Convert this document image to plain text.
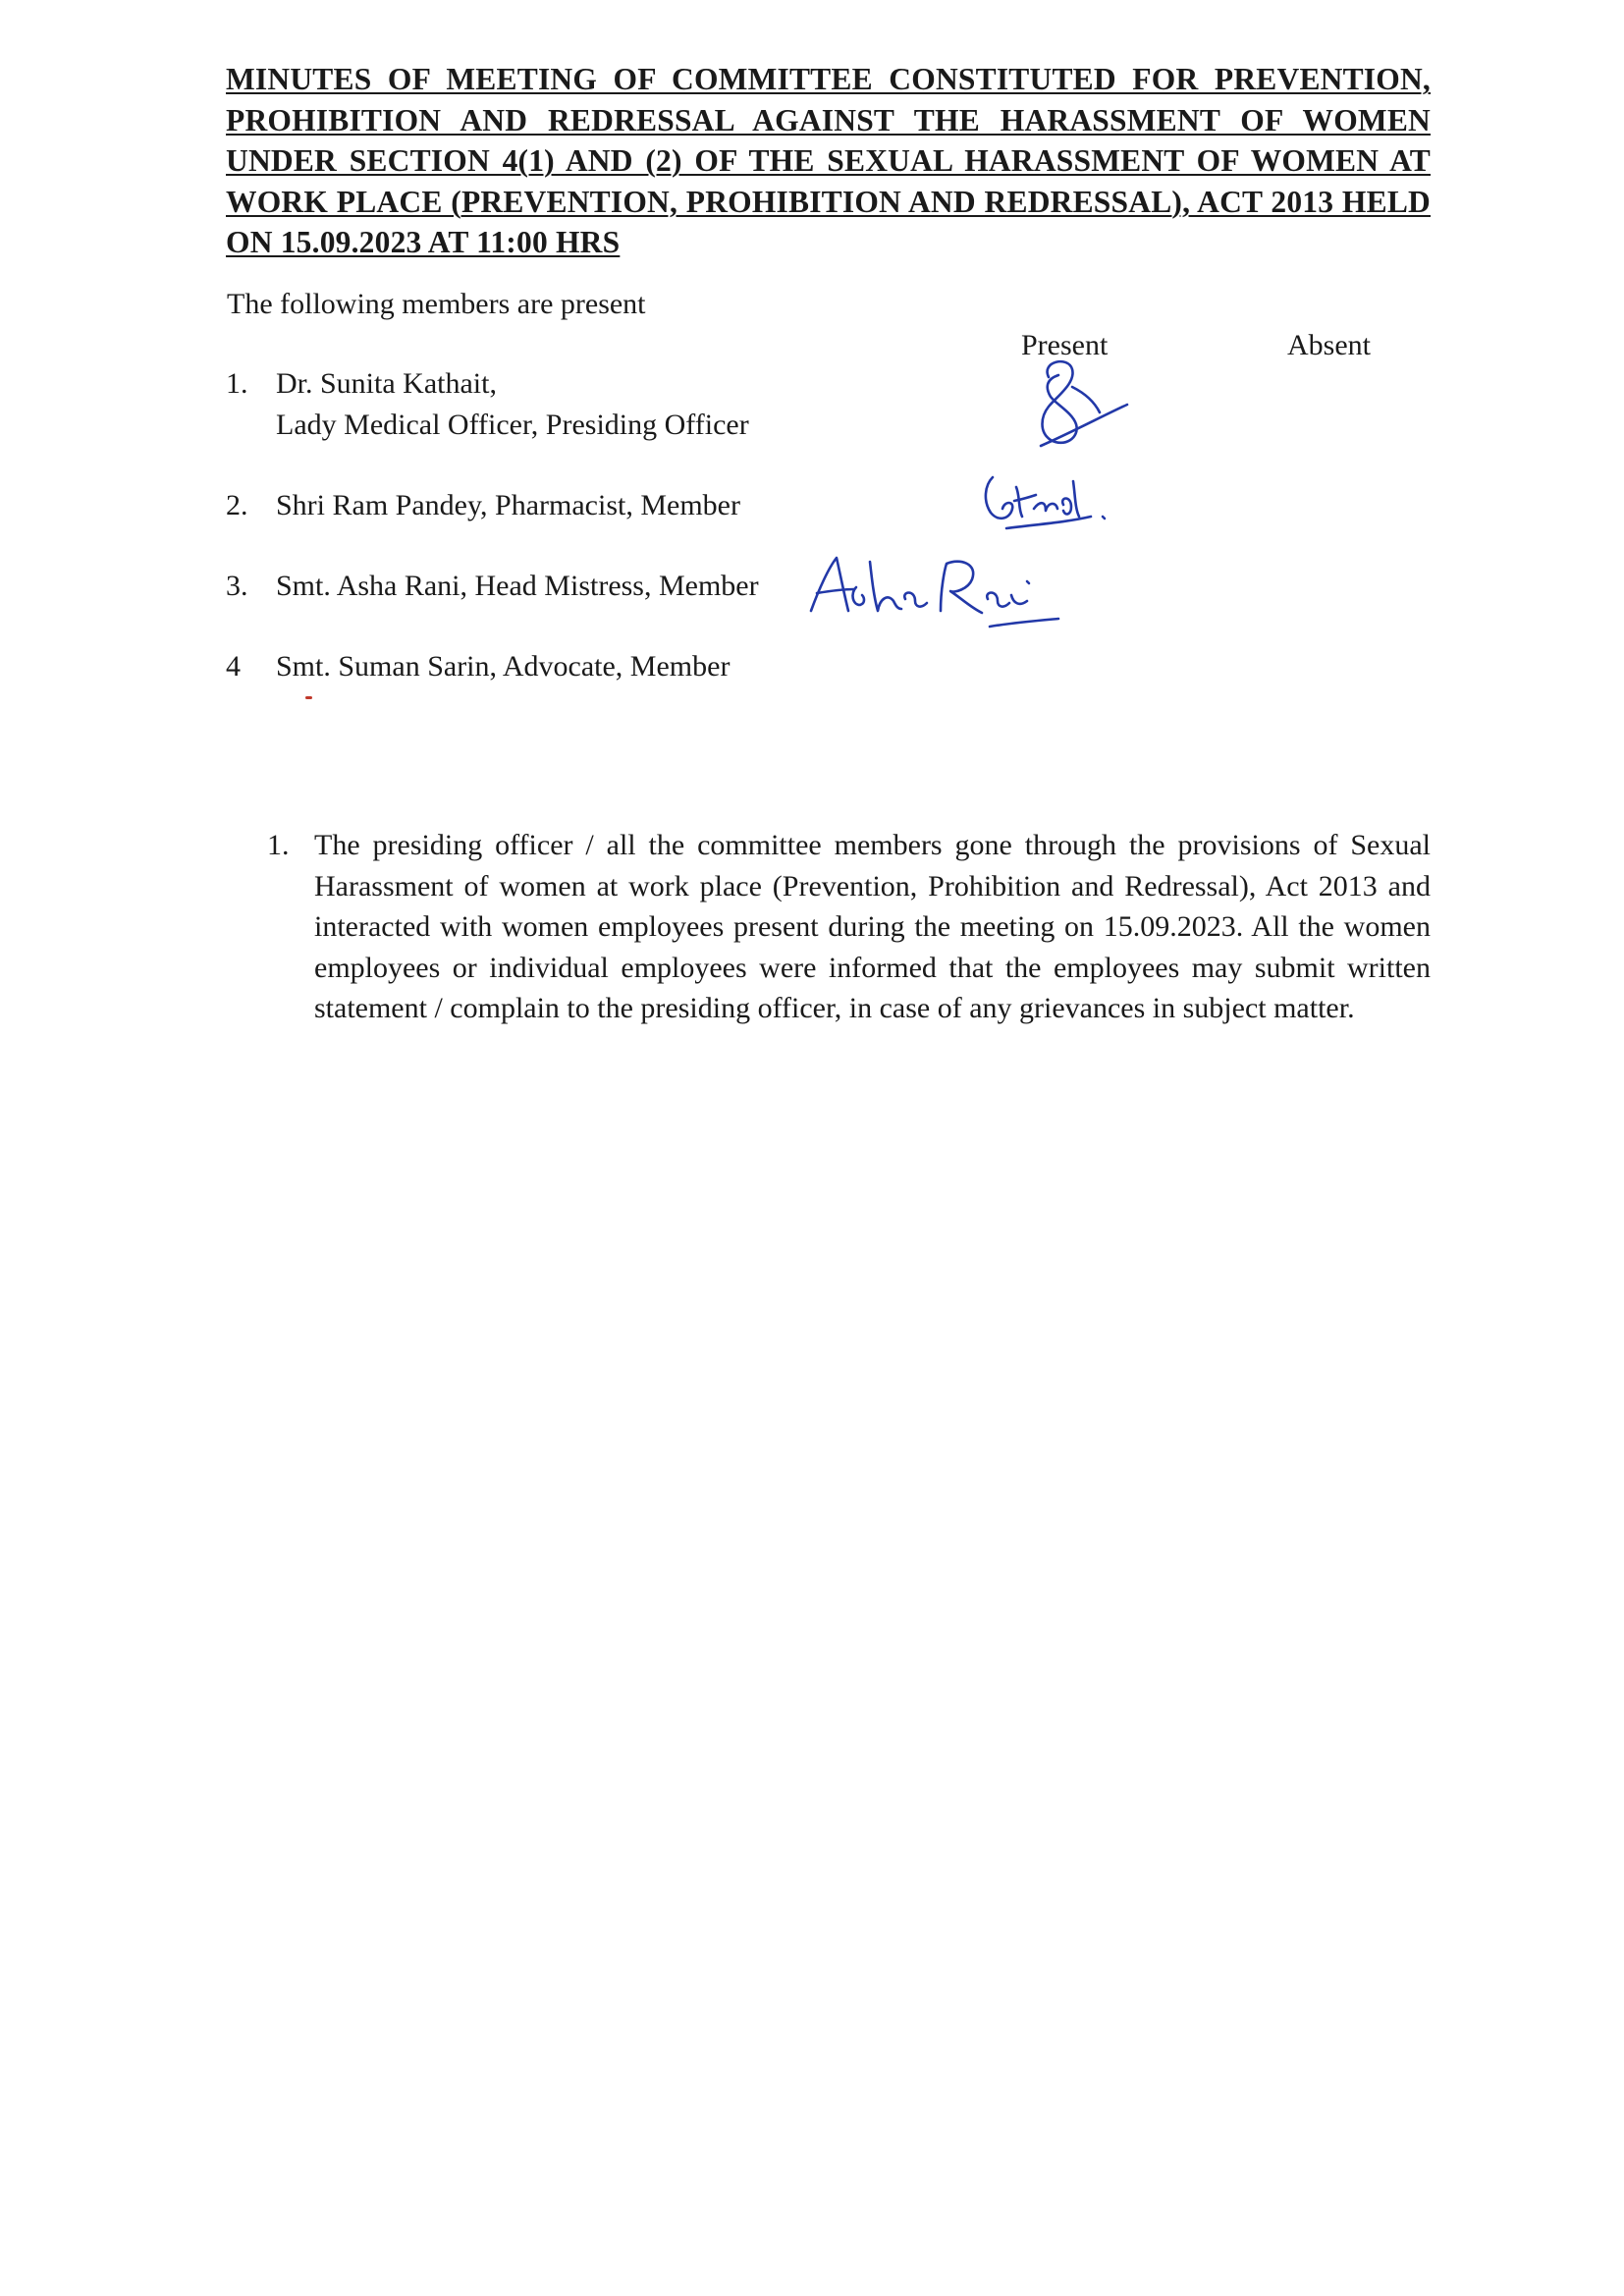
MINUTES OF MEETING OF COMMITTEE CONSTITUTED FOR PREVENTION, PROHIBITION AND REDRESSAL AGAINST THE HARASSMENT OF WOMEN UNDER SECTION 4(1) AND (2) OF THE SEXUAL HARASSMENT OF WOMEN AT WORK PLACE (PREVENTION, PROHIBITION AND REDRESSAL), ACT 2013 HELD ON 15.09.2023 AT 11:00 HRS
The following members are present
Present	Absent
1. Dr. Sunita Kathait,
Lady Medical Officer, Presiding Officer
2. Shri Ram Pandey, Pharmacist, Member
3. Smt. Asha Rani, Head Mistress, Member
4 Smt. Suman Sarin, Advocate, Member
1. The presiding officer / all the committee members gone through the provisions of Sexual Harassment of women at work place (Prevention, Prohibition and Redressal), Act 2013 and interacted with women employees present during the meeting on 15.09.2023. All the women employees or individual employees were informed that the employees may submit written statement / complain to the presiding officer, in case of any grievances in subject matter.
